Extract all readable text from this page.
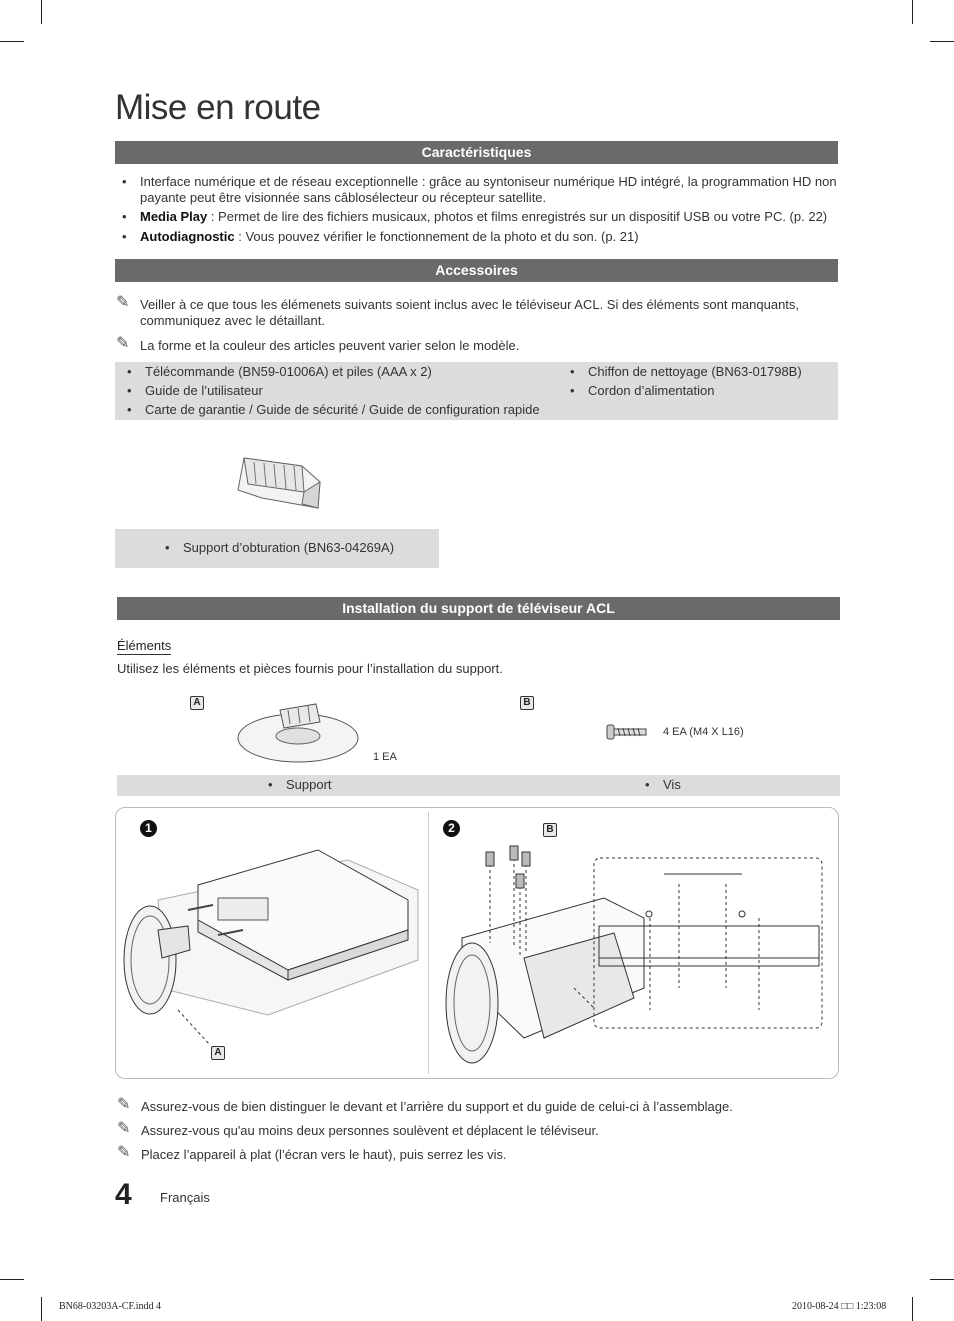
Mise en route
Caractéristiques
• Interface numérique et de réseau exceptionnelle : grâce au syntoniseur numérique HD intégré, la programmation HD non
payante peut être visionnée sans câblosélecteur ou récepteur satellite.
• Media Play : Permet de lire des fichiers musicaux, photos et films enregistrés sur un dispositif USB ou votre PC. (p. 22)
• Autodiagnostic : Vous pouvez vérifier le fonctionnement de la photo et du son. (p. 21)
Accessoires
✎ Veiller à ce que tous les élémenets suivants soient inclus avec le téléviseur ACL. Si des éléments sont manquants,
communiquez avec le détaillant.
✎ La forme et la couleur des articles peuvent varier selon le modèle.
• Télécommande (BN59-01006A) et piles (AAA x 2)
• Guide de l’utilisateur
• Carte de garantie / Guide de sécurité / Guide de configuration rapide
• Chiffon de nettoyage (BN63-01798B)
• Cordon d’alimentation
• Support d’obturation (BN63-04269A)
Installation du support de téléviseur ACL
Éléments
Utilisez les éléments et pièces fournis pour l’installation du support.
A
1 EA
B
4 EA (M4 X L16)
• Support	• Vis
1	2
A
B
✎ Assurez-vous de bien distinguer le devant et l’arrière du support et du guide de celui-ci à l’assemblage.
✎ Assurez-vous qu'au moins deux personnes soulèvent et déplacent le téléviseur.
✎ Placez l’appareil à plat (l’écran vers le haut), puis serrez les vis.
4 Français
BN68-03203A-CF.indd 4	2010-08-24 □□ 1:23:08
